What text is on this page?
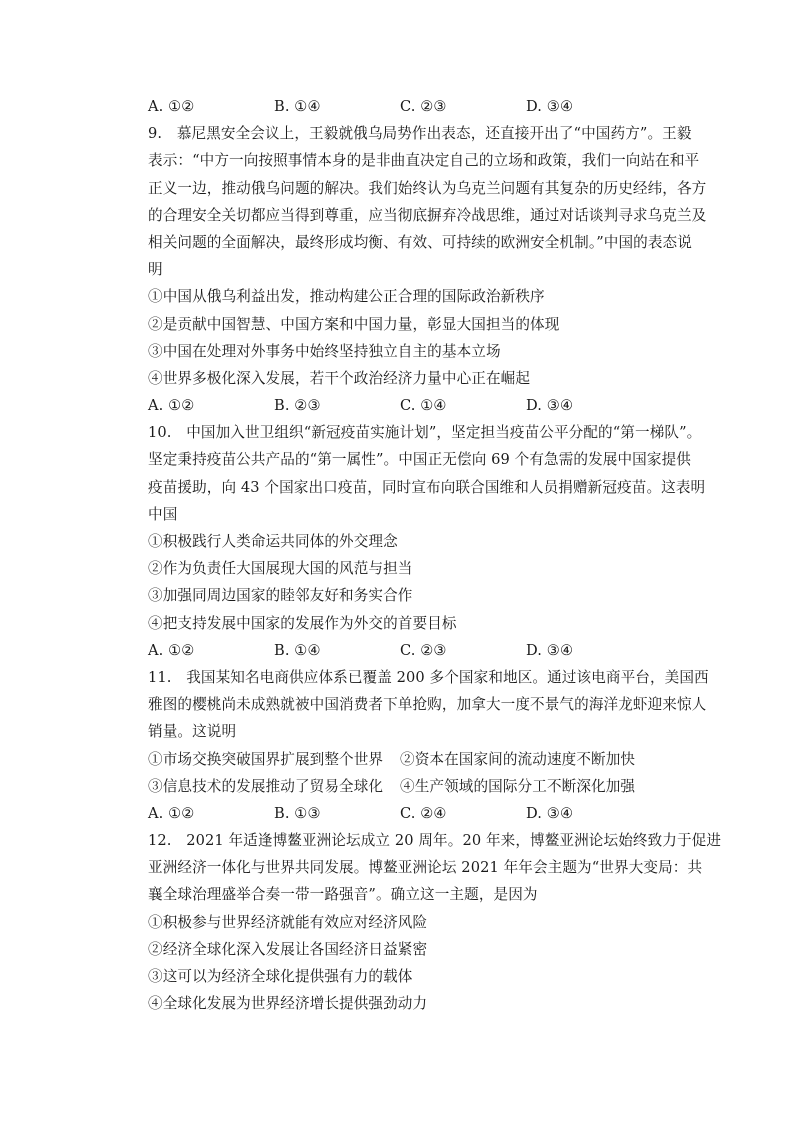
A. ①②	B. ①④	C. ②③	D. ③④
9.　慕尼黑安全会议上，王毅就俄乌局势作出表态，还直接开出了“中国药方”。王毅
表示：“中方一向按照事情本身的是非曲直决定自己的立场和政策，我们一向站在和平
正义一边，推动俄乌问题的解决。我们始终认为乌克兰问题有其复杂的历史经纬，各方
的合理安全关切都应当得到尊重，应当彻底摒弃冷战思维，通过对话谈判寻求乌克兰及
相关问题的全面解决，最终形成均衡、有效、可持续的欧洲安全机制。”中国的表态说
明
①中国从俄乌利益出发，推动构建公正合理的国际政治新秩序
②是贡献中国智慧、中国方案和中国力量，彰显大国担当的体现
③中国在处理对外事务中始终坚持独立自主的基本立场
④世界多极化深入发展，若干个政治经济力量中心正在崛起
A. ①②	B. ②③	C. ①④	D. ③④
10.　中国加入世卫组织“新冠疫苗实施计划”，坚定担当疫苗公平分配的“第一梯队”。
坚定秉持疫苗公共产品的“第一属性”。中国正无偿向 69 个有急需的发展中国家提供
疫苗援助，向 43 个国家出口疫苗，同时宣布向联合国维和人员捐赠新冠疫苗。这表明
中国
①积极践行人类命运共同体的外交理念
②作为负责任大国展现大国的风范与担当
③加强同周边国家的睦邻友好和务实合作
④把支持发展中国家的发展作为外交的首要目标
A. ①②	B. ①④	C. ②③	D. ③④
11.　我国某知名电商供应体系已覆盖 200 多个国家和地区。通过该电商平台，美国西
雅图的樱桃尚未成熟就被中国消费者下单抢购，加拿大一度不景气的海洋龙虾迎来惊人
销量。这说明
①市场交换突破国界扩展到整个世界	②资本在国家间的流动速度不断加快
③信息技术的发展推动了贸易全球化	④生产领域的国际分工不断深化加强
A. ①②	B. ①③	C. ②④	D. ③④
12.　2021 年适逢博鳌亚洲论坛成立 20 周年。20 年来，博鳌亚洲论坛始终致力于促进
亚洲经济一体化与世界共同发展。博鳌亚洲论坛 2021 年年会主题为“世界大变局：共
襄全球治理盛举合奏一带一路强音”。确立这一主题，是因为
①积极参与世界经济就能有效应对经济风险
②经济全球化深入发展让各国经济日益紧密
③这可以为经济全球化提供强有力的载体
④全球化发展为世界经济增长提供强劲动力
